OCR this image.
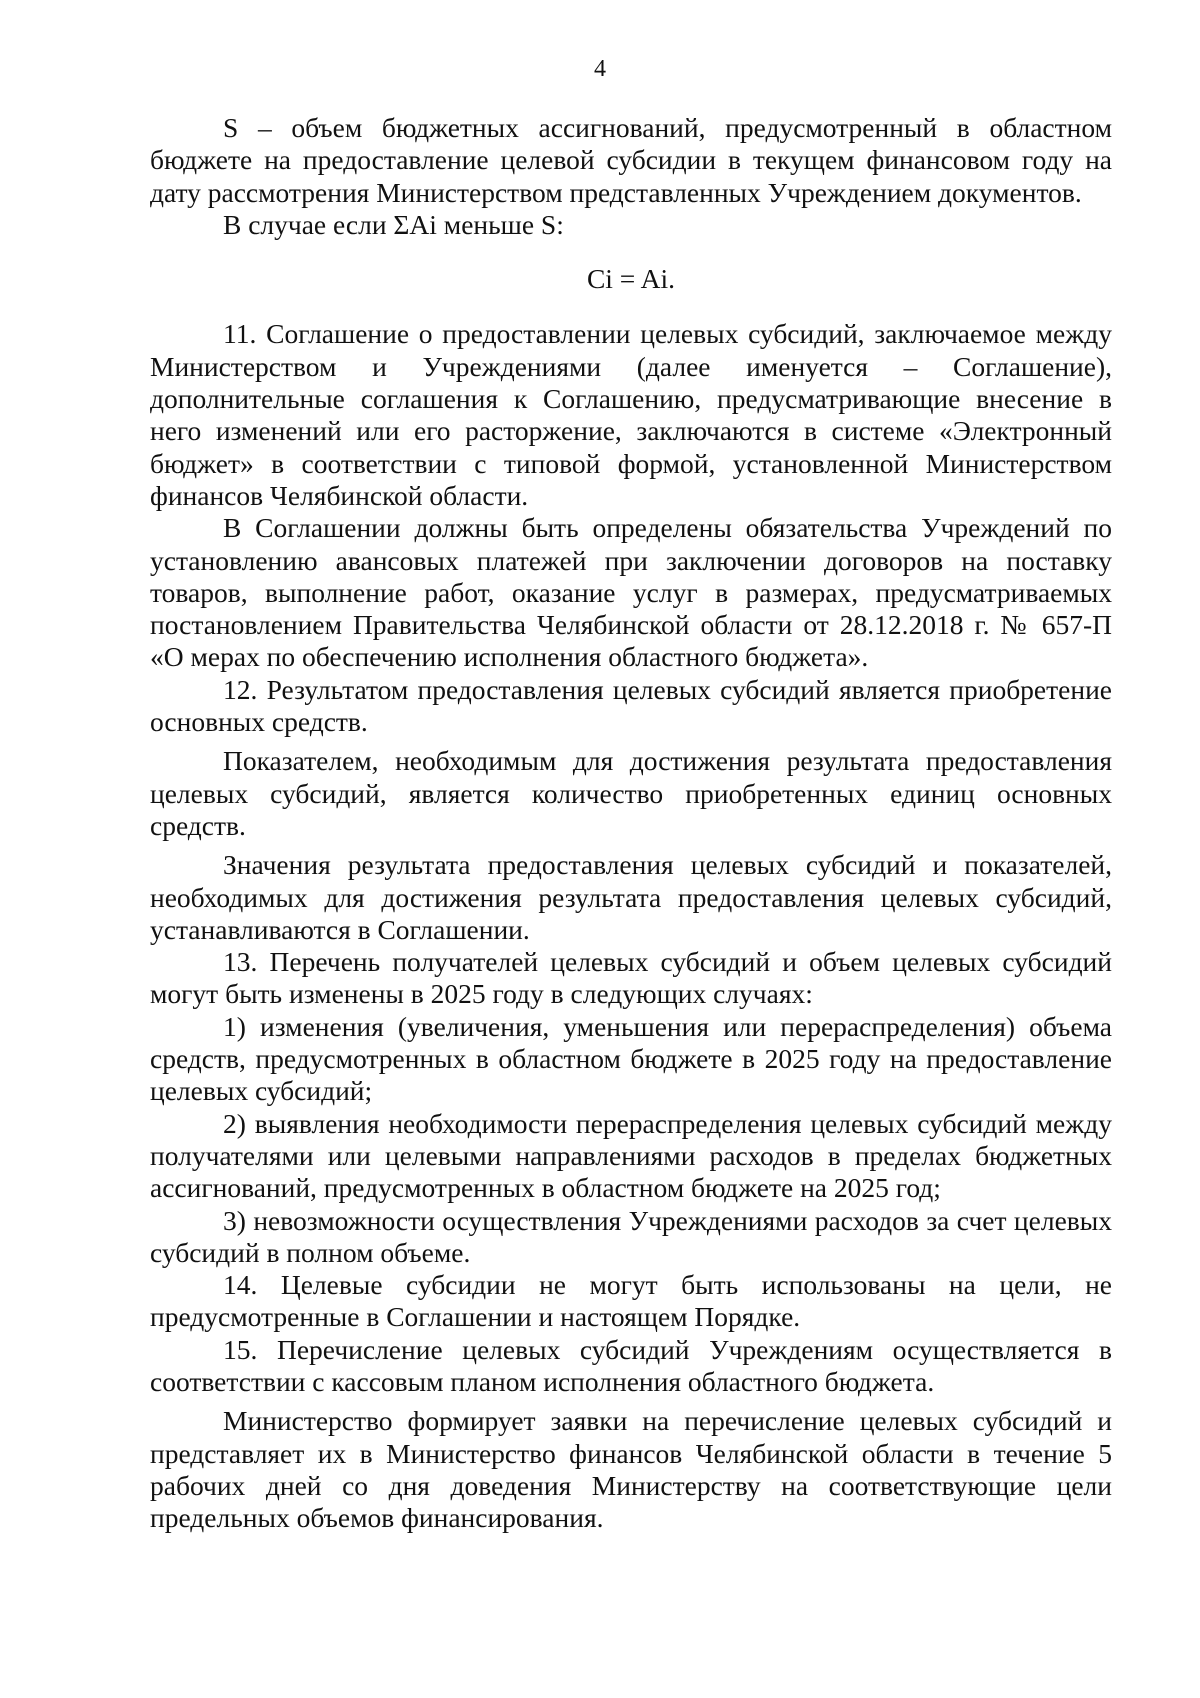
4

S – объем бюджетных ассигнований, предусмотренный в областном бюджете на предоставление целевой субсидии в текущем финансовом году на дату рассмотрения Министерством представленных Учреждением документов.

В случае если ΣAi меньше S:

Ci = Ai.

11. Соглашение о предоставлении целевых субсидий, заключаемое между Министерством и Учреждениями (далее именуется – Соглашение), дополнительные соглашения к Соглашению, предусматривающие внесение в него изменений или его расторжение, заключаются в системе «Электронный бюджет» в соответствии с типовой формой, установленной Министерством финансов Челябинской области.

В Соглашении должны быть определены обязательства Учреждений по установлению авансовых платежей при заключении договоров на поставку товаров, выполнение работ, оказание услуг в размерах, предусматриваемых постановлением Правительства Челябинской области от 28.12.2018 г. № 657-П «О мерах по обеспечению исполнения областного бюджета».

12. Результатом предоставления целевых субсидий является приобретение основных средств.

Показателем, необходимым для достижения результата предоставления целевых субсидий, является количество приобретенных единиц основных средств.

Значения результата предоставления целевых субсидий и показателей, необходимых для достижения результата предоставления целевых субсидий, устанавливаются в Соглашении.

13. Перечень получателей целевых субсидий и объем целевых субсидий могут быть изменены в 2025 году в следующих случаях:

1) изменения (увеличения, уменьшения или перераспределения) объема средств, предусмотренных в областном бюджете в 2025 году на предоставление целевых субсидий;

2) выявления необходимости перераспределения целевых субсидий между получателями или целевыми направлениями расходов в пределах бюджетных ассигнований, предусмотренных в областном бюджете на 2025 год;

3) невозможности осуществления Учреждениями расходов за счет целевых субсидий в полном объеме.

14. Целевые субсидии не могут быть использованы на цели, не предусмотренные в Соглашении и настоящем Порядке.

15. Перечисление целевых субсидий Учреждениям осуществляется в соответствии с кассовым планом исполнения областного бюджета.

Министерство формирует заявки на перечисление целевых субсидий и представляет их в Министерство финансов Челябинской области в течение 5 рабочих дней со дня доведения Министерству на соответствующие цели предельных объемов финансирования.
